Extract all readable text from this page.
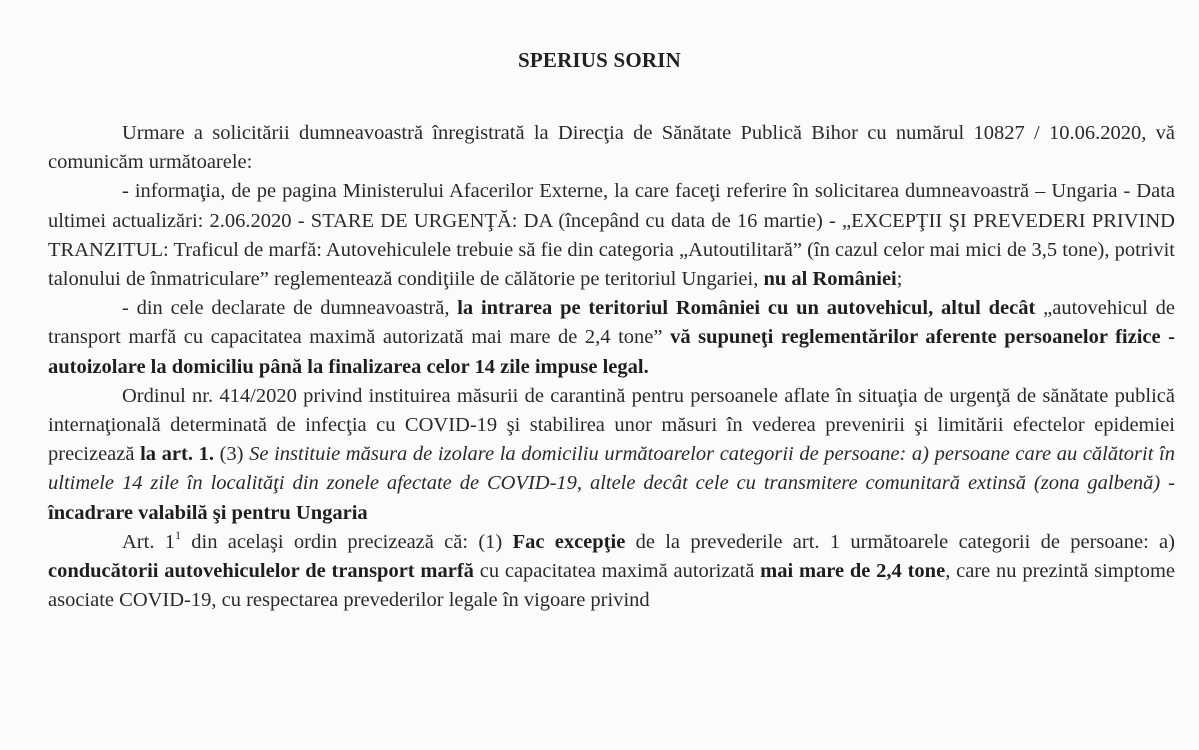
SPERIUS SORIN

Urmare a solicitării dumneavoastră înregistrată la Direcţia de Sănătate Publică Bihor cu numărul 10827 / 10.06.2020, vă comunicăm următoarele:

- informaţia, de pe pagina Ministerului Afacerilor Externe, la care faceţi referire în solicitarea dumneavoastră – Ungaria - Data ultimei actualizări: 2.06.2020 - STARE DE URGENŢĂ: DA (începând cu data de 16 martie) - „EXCEPŢII ŞI PREVEDERI PRIVIND TRANZITUL: Traficul de marfă: Autovehiculele trebuie să fie din categoria „Autoutilitară” (în cazul celor mai mici de 3,5 tone), potrivit talonului de înmatriculare” reglementează condiţiile de călătorie pe teritoriul Ungariei, nu al României;

- din cele declarate de dumneavoastră, la intrarea pe teritoriul României cu un autovehicul, altul decât „autovehicul de transport marfă cu capacitatea maximă autorizată mai mare de 2,4 tone” vă supuneţi reglementărilor aferente persoanelor fizice - autoizolare la domiciliu până la finalizarea celor 14 zile impuse legal.

Ordinul nr. 414/2020 privind instituirea măsurii de carantină pentru persoanele aflate în situaţia de urgenţă de sănătate publică internaţională determinată de infecţia cu COVID-19 şi stabilirea unor măsuri în vederea prevenirii şi limitării efectelor epidemiei precizează la art. 1. (3) Se instituie măsura de izolare la domiciliu următoarelor categorii de persoane: a) persoane care au călătorit în ultimele 14 zile în localităţi din zonele afectate de COVID-19, altele decât cele cu transmitere comunitară extinsă (zona galbenă) - încadrare valabilă şi pentru Ungaria

Art. $1^1$ din acelaşi ordin precizează că: (1) Fac excepţie de la prevederile art. 1 următoarele categorii de persoane: a) conducătorii autovehiculelor de transport marfă cu capacitatea maximă autorizată mai mare de 2,4 tone, care nu prezintă simptome asociate COVID-19, cu respectarea prevederilor legale în vigoare privind
